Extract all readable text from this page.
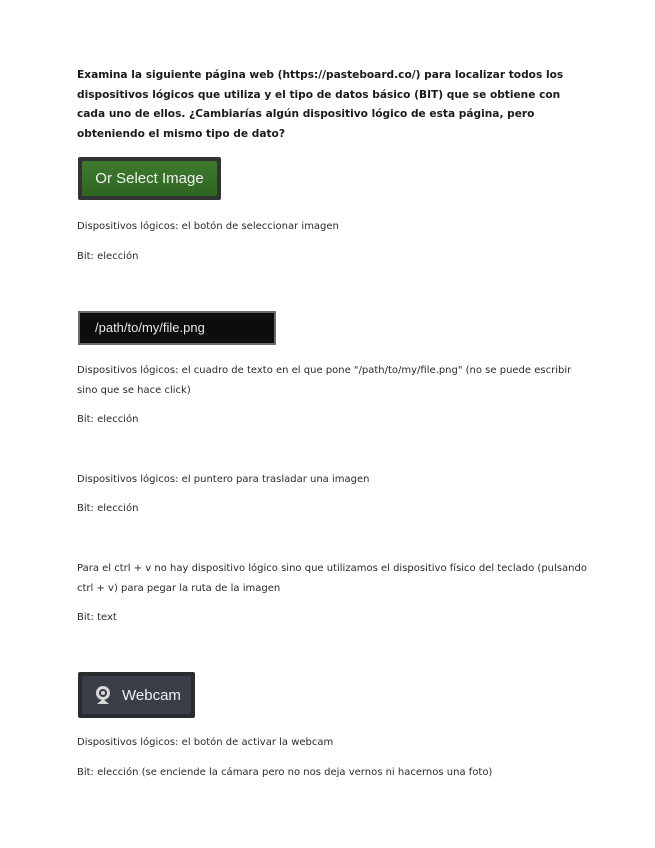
Examina la siguiente página web (https://pasteboard.co/) para localizar todos los dispositivos lógicos que utiliza y el tipo de datos básico (BIT) que se obtiene con cada uno de ellos. ¿Cambiarías algún dispositivo lógico de esta página, pero obteniendo el mismo tipo de dato?

Or Select Image

Dispositivos lógicos: el botón de seleccionar imagen

Bit: elección

/path/to/my/file.png

Dispositivos lógicos: el cuadro de texto en el que pone "/path/to/my/file.png" (no se puede escribir sino que se hace click)

Bit: elección

Dispositivos lógicos: el puntero para trasladar una imagen

Bit: elección

Para el ctrl + v no hay dispositivo lógico sino que utilizamos el dispositivo físico del teclado (pulsando ctrl + v) para pegar la ruta de la imagen

Bit: text

Webcam

Dispositivos lógicos: el botón de activar la webcam

Bit: elección (se enciende la cámara pero no nos deja vernos ni hacernos una foto)
